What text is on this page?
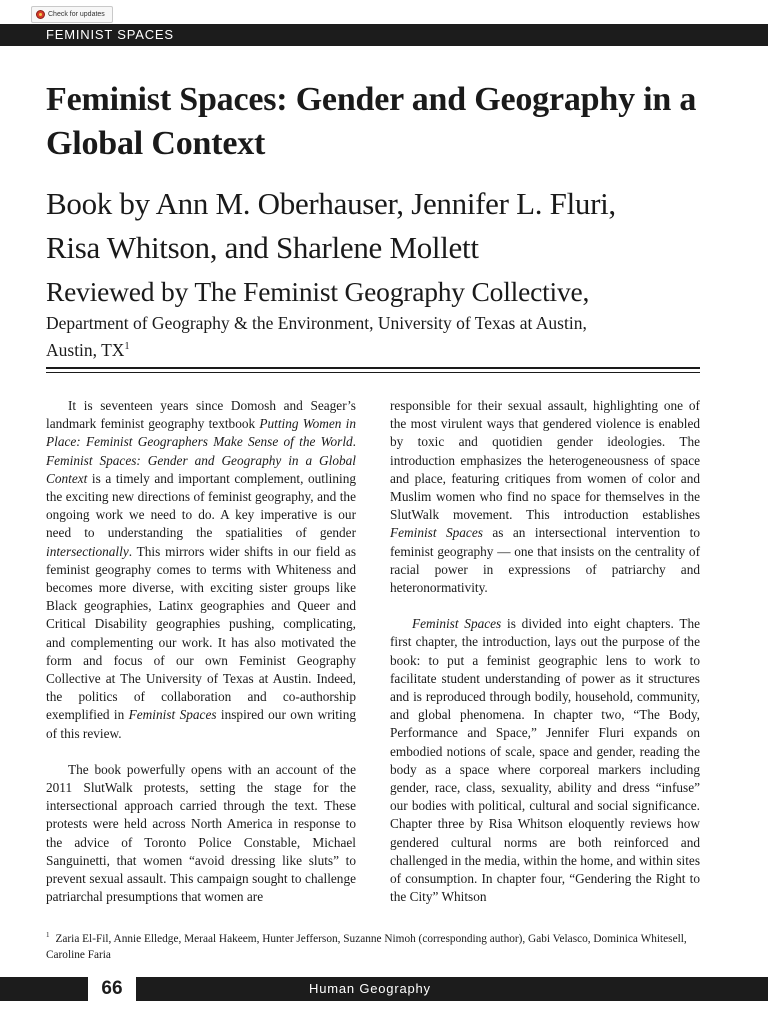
Check for updates
FEMINIST SPACES
Feminist Spaces: Gender and Geography in a Global Context
Book by Ann M. Oberhauser, Jennifer L. Fluri,
Risa Whitson, and Sharlene Mollett
Reviewed by The Feminist Geography Collective,
Department of Geography & the Environment, University of Texas at Austin,
Austin, $TX^1$

It is seventeen years since Domosh and Seager’s landmark feminist geography textbook Putting Women in Place: Feminist Geographers Make Sense of the World. Feminist Spaces: Gender and Geography in a Global Context is a timely and important complement, outlining the exciting new directions of feminist geography, and the ongoing work we need to do. A key imperative is our need to understanding the spatialities of gender intersectionally. This mirrors wider shifts in our field as feminist geography comes to terms with Whiteness and becomes more diverse, with exciting sister groups like Black geographies, Latinx geographies and Queer and Critical Disability geographies pushing, complicating, and complementing our work. It has also motivated the form and focus of our own Feminist Geography Collective at The University of Texas at Austin. Indeed, the politics of collaboration and co-authorship exemplified in Feminist Spaces inspired our own writing of this review.

The book powerfully opens with an account of the 2011 SlutWalk protests, setting the stage for the intersectional approach carried through the text. These protests were held across North America in response to the advice of Toronto Police Constable, Michael Sanguinetti, that women “avoid dressing like sluts” to prevent sexual assault. This campaign sought to challenge patriarchal presumptions that women are

responsible for their sexual assault, highlighting one of the most virulent ways that gendered violence is enabled by toxic and quotidien gender ideologies. The introduction emphasizes the heterogeneousness of space and place, featuring critiques from women of color and Muslim women who find no space for themselves in the SlutWalk movement. This introduction establishes Feminist Spaces as an intersectional intervention to feminist geography — one that insists on the centrality of racial power in expressions of patriarchy and heteronormativity.

Feminist Spaces is divided into eight chapters. The first chapter, the introduction, lays out the purpose of the book: to put a feminist geographic lens to work to facilitate student understanding of power as it structures and is reproduced through bodily, household, community, and global phenomena. In chapter two, “The Body, Performance and Space,” Jennifer Fluri expands on embodied notions of scale, space and gender, reading the body as a space where corporeal markers including gender, race, class, sexuality, ability and dress “infuse” our bodies with political, cultural and social significance. Chapter three by Risa Whitson eloquently reviews how gendered cultural norms are both reinforced and challenged in the media, within the home, and within sites of consumption. In chapter four, “Gendering the Right to the City” Whitson

$^1$ Zaria El-Fil, Annie Elledge, Meraal Hakeem, Hunter Jefferson, Suzanne Nimoh (corresponding author), Gabi Velasco, Dominica Whitesell, Caroline Faria
66	Human Geography
